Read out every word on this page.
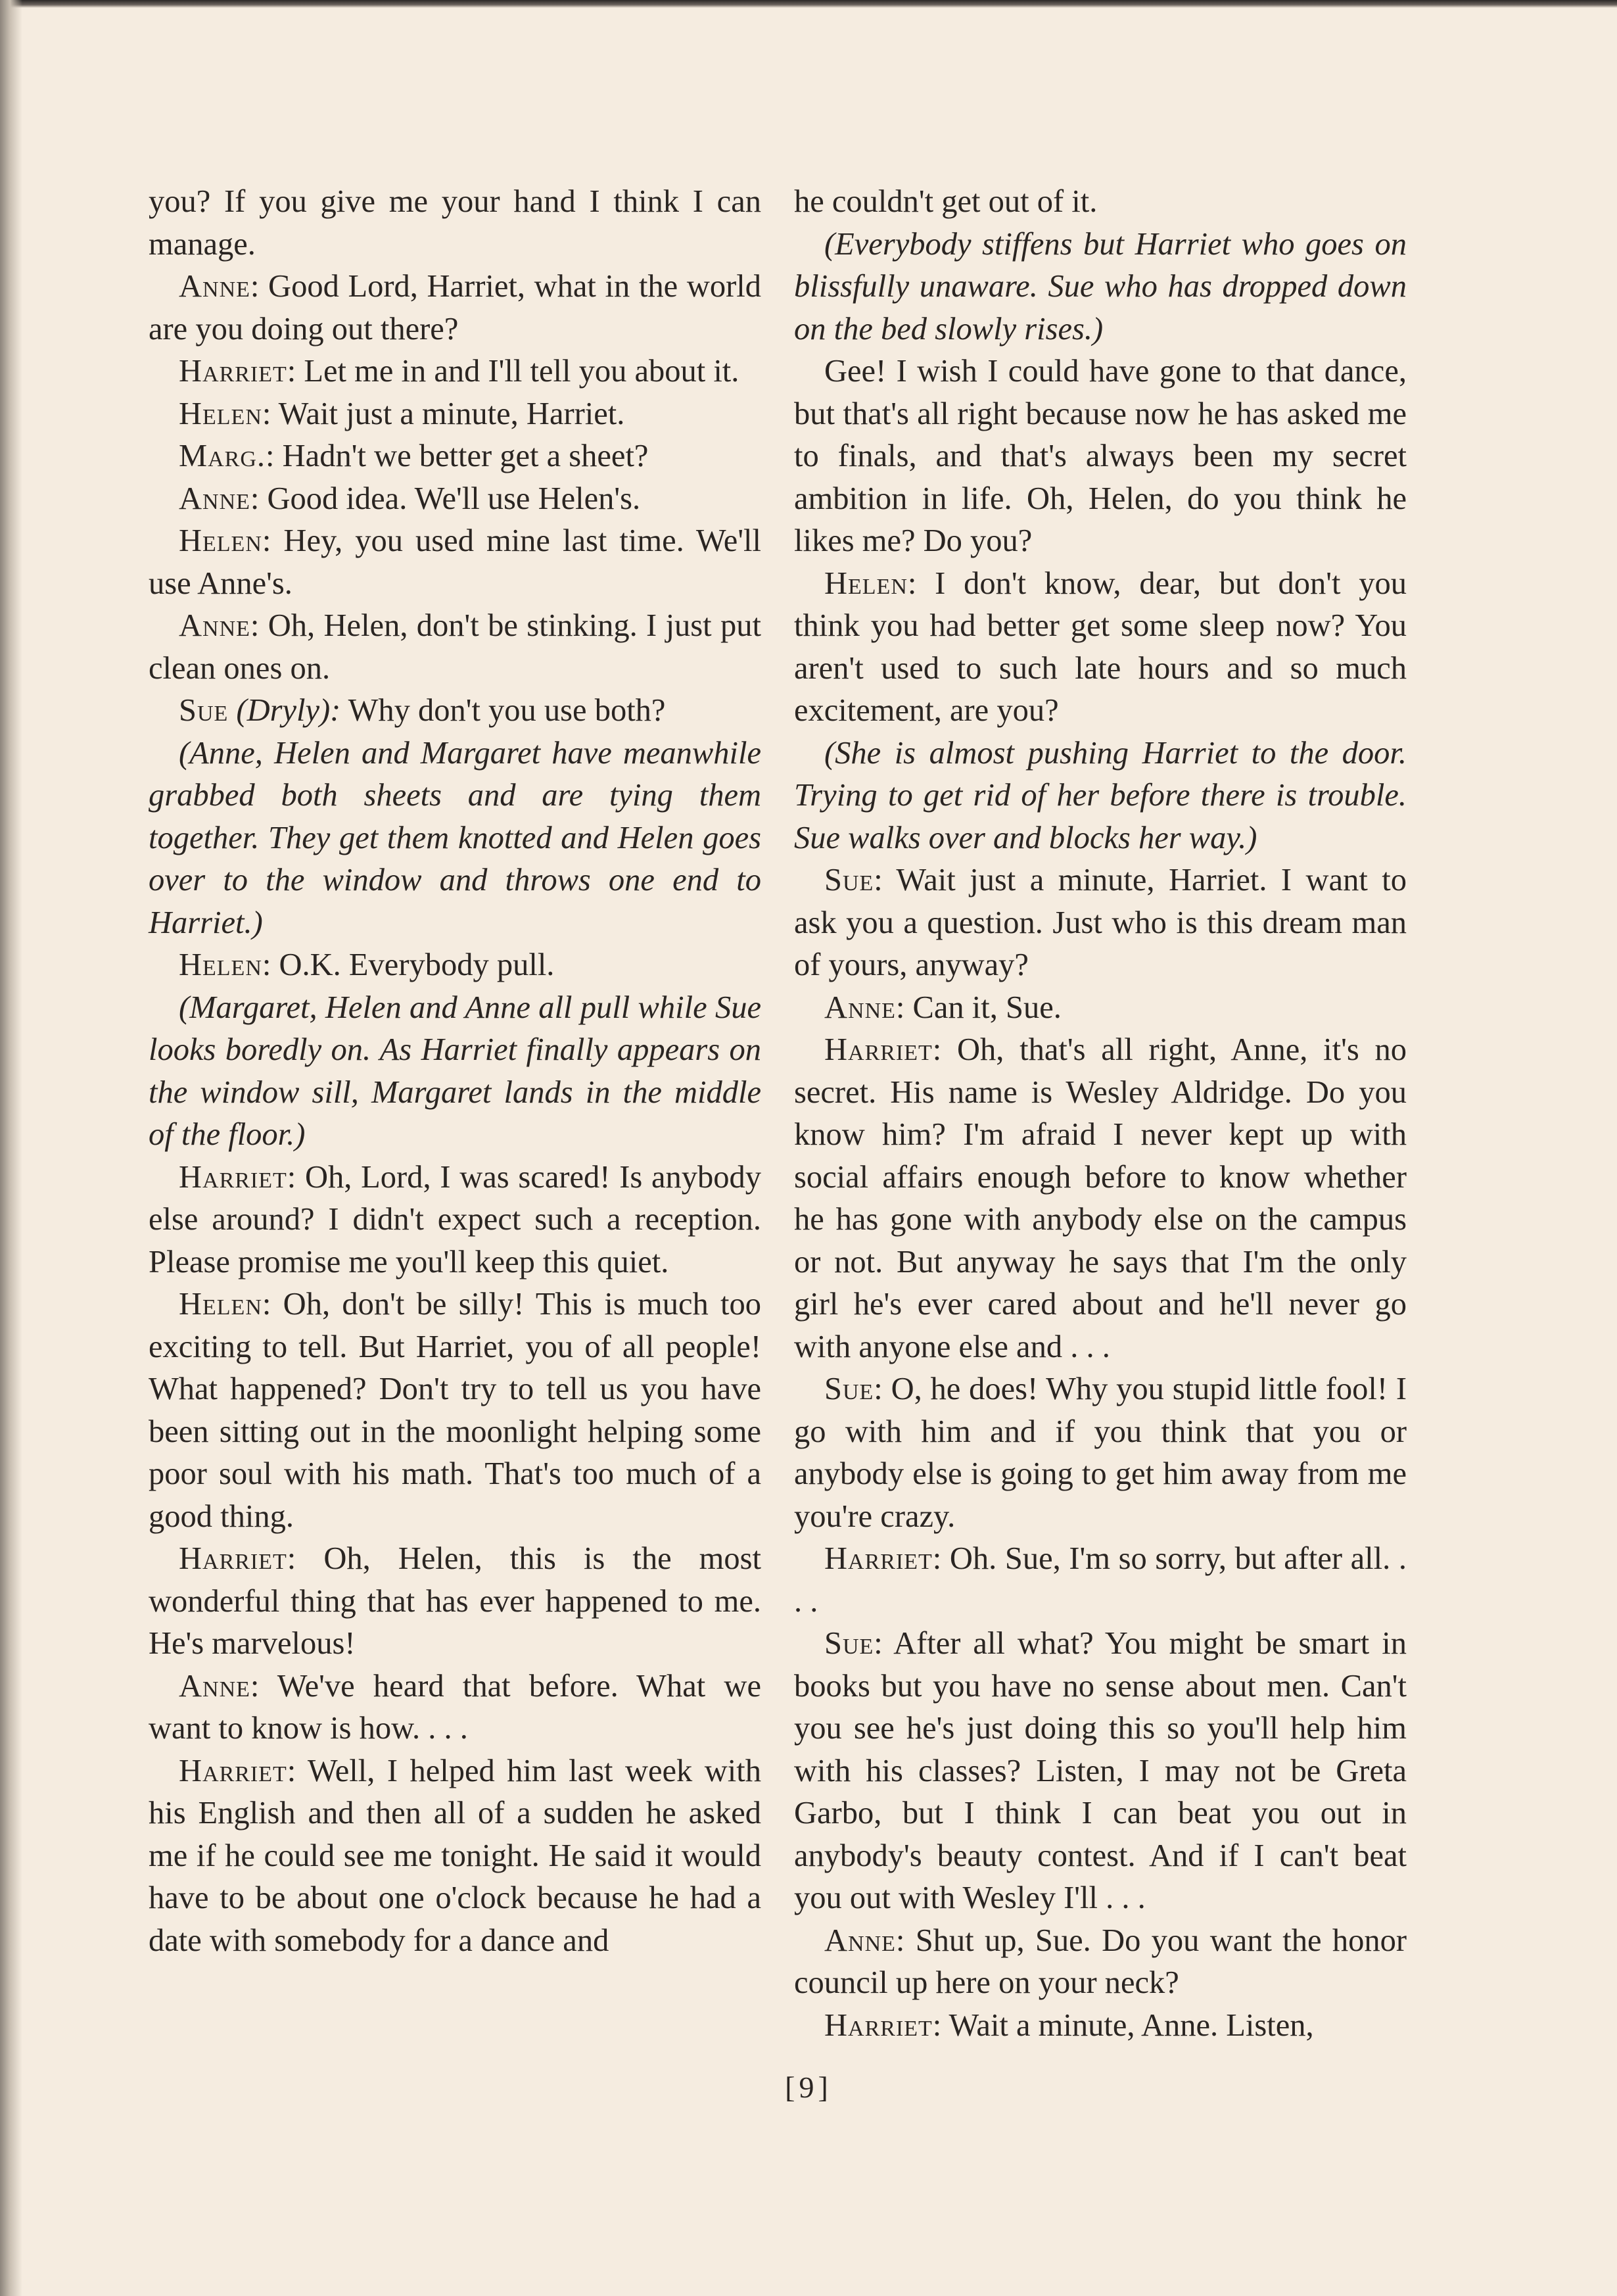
you? If you give me your hand I think I can manage.

Anne: Good Lord, Harriet, what in the world are you doing out there?

Harriet: Let me in and I'll tell you about it.

Helen: Wait just a minute, Harriet.

Marg.: Hadn't we better get a sheet?

Anne: Good idea. We'll use Helen's.

Helen: Hey, you used mine last time. We'll use Anne's.

Anne: Oh, Helen, don't be stinking. I just put clean ones on.

Sue (Dryly): Why don't you use both?

(Anne, Helen and Margaret have meanwhile grabbed both sheets and are tying them together. They get them knotted and Helen goes over to the window and throws one end to Harriet.)

Helen: O.K. Everybody pull.

(Margaret, Helen and Anne all pull while Sue looks boredly on. As Harriet finally appears on the window sill, Margaret lands in the middle of the floor.)

Harriet: Oh, Lord, I was scared! Is anybody else around? I didn't expect such a reception. Please promise me you'll keep this quiet.

Helen: Oh, don't be silly! This is much too exciting to tell. But Harriet, you of all people! What happened? Don't try to tell us you have been sitting out in the moonlight helping some poor soul with his math. That's too much of a good thing.

Harriet: Oh, Helen, this is the most wonderful thing that has ever happened to me. He's marvelous!

Anne: We've heard that before. What we want to know is how. . . .

Harriet: Well, I helped him last week with his English and then all of a sudden he asked me if he could see me tonight. He said it would have to be about one o'clock because he had a date with somebody for a dance and

he couldn't get out of it.

(Everybody stiffens but Harriet who goes on blissfully unaware. Sue who has dropped down on the bed slowly rises.)

Gee! I wish I could have gone to that dance, but that's all right because now he has asked me to finals, and that's always been my secret ambition in life. Oh, Helen, do you think he likes me? Do you?

Helen: I don't know, dear, but don't you think you had better get some sleep now? You aren't used to such late hours and so much excitement, are you?

(She is almost pushing Harriet to the door. Trying to get rid of her before there is trouble. Sue walks over and blocks her way.)

Sue: Wait just a minute, Harriet. I want to ask you a question. Just who is this dream man of yours, anyway?

Anne: Can it, Sue.

Harriet: Oh, that's all right, Anne, it's no secret. His name is Wesley Aldridge. Do you know him? I'm afraid I never kept up with social affairs enough before to know whether he has gone with anybody else on the campus or not. But anyway he says that I'm the only girl he's ever cared about and he'll never go with anyone else and . . .

Sue: O, he does! Why you stupid little fool! I go with him and if you think that you or anybody else is going to get him away from me you're crazy.

Harriet: Oh. Sue, I'm so sorry, but after all. . . .

Sue: After all what? You might be smart in books but you have no sense about men. Can't you see he's just doing this so you'll help him with his classes? Listen, I may not be Greta Garbo, but I think I can beat you out in anybody's beauty contest. And if I can't beat you out with Wesley I'll . . .

Anne: Shut up, Sue. Do you want the honor council up here on your neck?

Harriet: Wait a minute, Anne. Listen,

[9]
